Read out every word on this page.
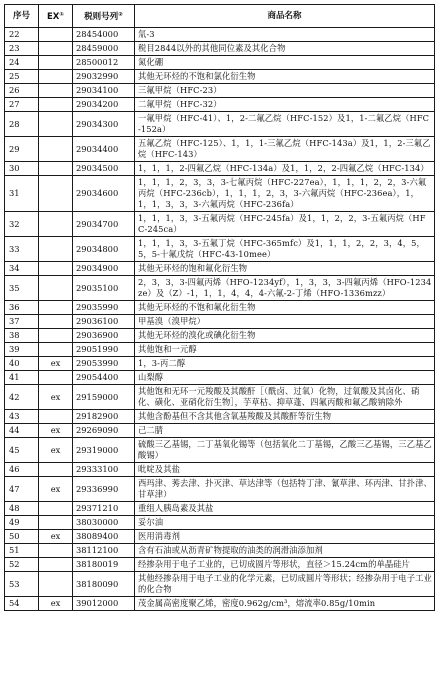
序号	EX①	税则号列②	商品名称
22		28454000	氚-3
23		28459000	税目2844以外的其他同位素及其化合物
24		28500012	氮化硼
25		29032990	其他无环烃的不饱和氯化衍生物
26		29034100	三氟甲烷（HFC-23）
27		29034200	二氟甲烷（HFC-32）
28		29034300	一氟甲烷（HFC-41）、1，2-二氟乙烷（HFC-152）及1，1-二氟乙烷（HFC-152a）
29		29034400	五氟乙烷（HFC-125）、1，1，1-三氟乙烷（HFC-143a）及1，1，2-三氟乙烷（HFC-143）
30		29034500	1，1，1，2-四氟乙烷（HFC-134a）及1，1，2，2-四氟乙烷（HFC-134）
31		29034600	1，1，1，2，3，3，3-七氟丙烷（HFC-227ea），1，1，1，2，2，3-六氟丙烷（HFC-236cb），1，1，1，2，3，3-六氟丙烷（HFC-236ea），1，1，1，3，3，3-六氟丙烷（HFC-236fa）
32		29034700	1，1，1，3，3-五氟丙烷（HFC-245fa）及1，1，2，2，3-五氟丙烷（HFC-245ca）
33		29034800	1，1，1，3，3-五氟丁烷（HFC-365mfc）及1，1，1，2，2，3，4，5，5，5-十氟戊烷（HFC-43-10mee）
34		29034900	其他无环烃的饱和氟化衍生物
35		29035100	2，3，3，3-四氟丙烯（HFO-1234yf），1，3，3，3-四氟丙烯（HFO-1234ze）及（Z）-1，1，1，4，4，4-六氟-2-丁烯（HFO-1336mzz）
36		29035990	其他无环烃的不饱和氟化衍生物
37		29036100	甲基溴（溴甲烷）
38		29036900	其他无环烃的溴化或碘化衍生物
39		29051990	其他饱和一元醇
40	ex	29053990	1，3-丙二醇
41		29054400	山梨醇
42	ex	29159000	其他饱和无环一元羧酸及其酸酐［（酰卤、过氧）化物，过氧酸及其卤化、硝化、磺化、亚硝化衍生物］，芋草枯、抑草蓬、四氟丙酸和氟乙酸钠除外
43		29182900	其他含酚基但不含其他含氧基羧酸及其酸酐等衍生物
44	ex	29269090	己二腈
45	ex	29319000	硫酸三乙基锡，二丁基氧化锡等（包括氧化二丁基锡，乙酸三乙基锡，三乙基乙酸锡）
46		29333100	吡啶及其盐
47	ex	29336990	西玛津、莠去津、扑灭津、草达津等（包括特丁津、氰草津、环丙津、甘扑津、甘草津）
48		29371210	重组人胰岛素及其盐
49		38030000	妥尔油
50	ex	38089400	医用消毒剂
51		38112100	含有石油或从沥青矿物提取的油类的润滑油添加剂
52		38180019	经掺杂用于电子工业的，已切成圆片等形状，直径＞15.24cm的单晶硅片
53		38180090	其他经掺杂用于电子工业的化学元素，已切成圆片等形状；经掺杂用于电子工业的化合物
54	ex	39012000	茂金属高密度聚乙烯，密度0.962g/cm³，熔流率0.85g/10min
